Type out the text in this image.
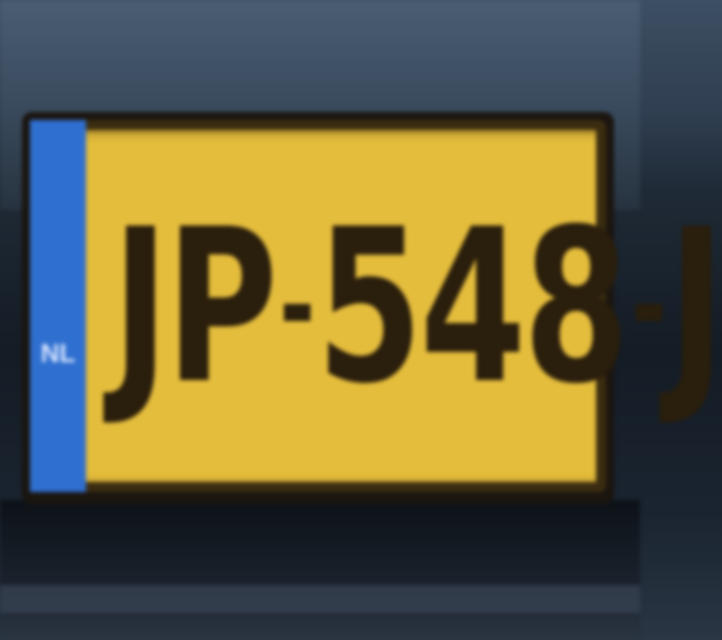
NL JP - 548 - J
